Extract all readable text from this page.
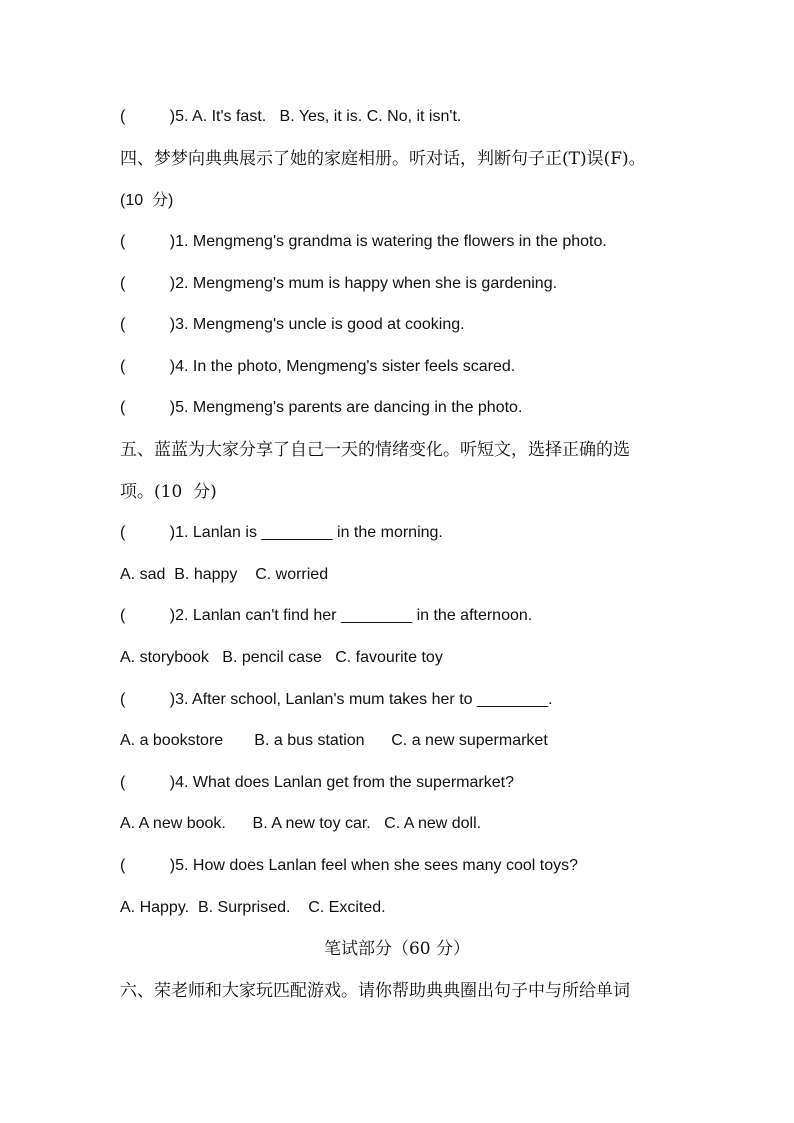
(          )5. A. It's fast.   B. Yes, it is. C. No, it isn't.
四、梦梦向典典展示了她的家庭相册。听对话，判断句子正(T)误(F)。
(10  分)
(          )1. Mengmeng's grandma is watering the flowers in the photo.
(          )2. Mengmeng's mum is happy when she is gardening.
(          )3. Mengmeng's uncle is good at cooking.
(          )4. In the photo, Mengmeng's sister feels scared.
(          )5. Mengmeng's parents are dancing in the photo.
五、蓝蓝为大家分享了自己一天的情绪变化。听短文，选择正确的选
项。(10  分)
(          )1. Lanlan is ________ in the morning.
A. sad  B. happy    C. worried
(          )2. Lanlan can't find her ________ in the afternoon.
A. storybook   B. pencil case   C. favourite toy
(          )3. After school, Lanlan's mum takes her to ________.
A. a bookstore       B. a bus station      C. a new supermarket
(          )4. What does Lanlan get from the supermarket?
A. A new book.      B. A new toy car.   C. A new doll.
(          )5. How does Lanlan feel when she sees many cool toys?
A. Happy.  B. Surprised.    C. Excited.
笔试部分（60 分）
六、荣老师和大家玩匹配游戏。请你帮助典典圈出句子中与所给单词
